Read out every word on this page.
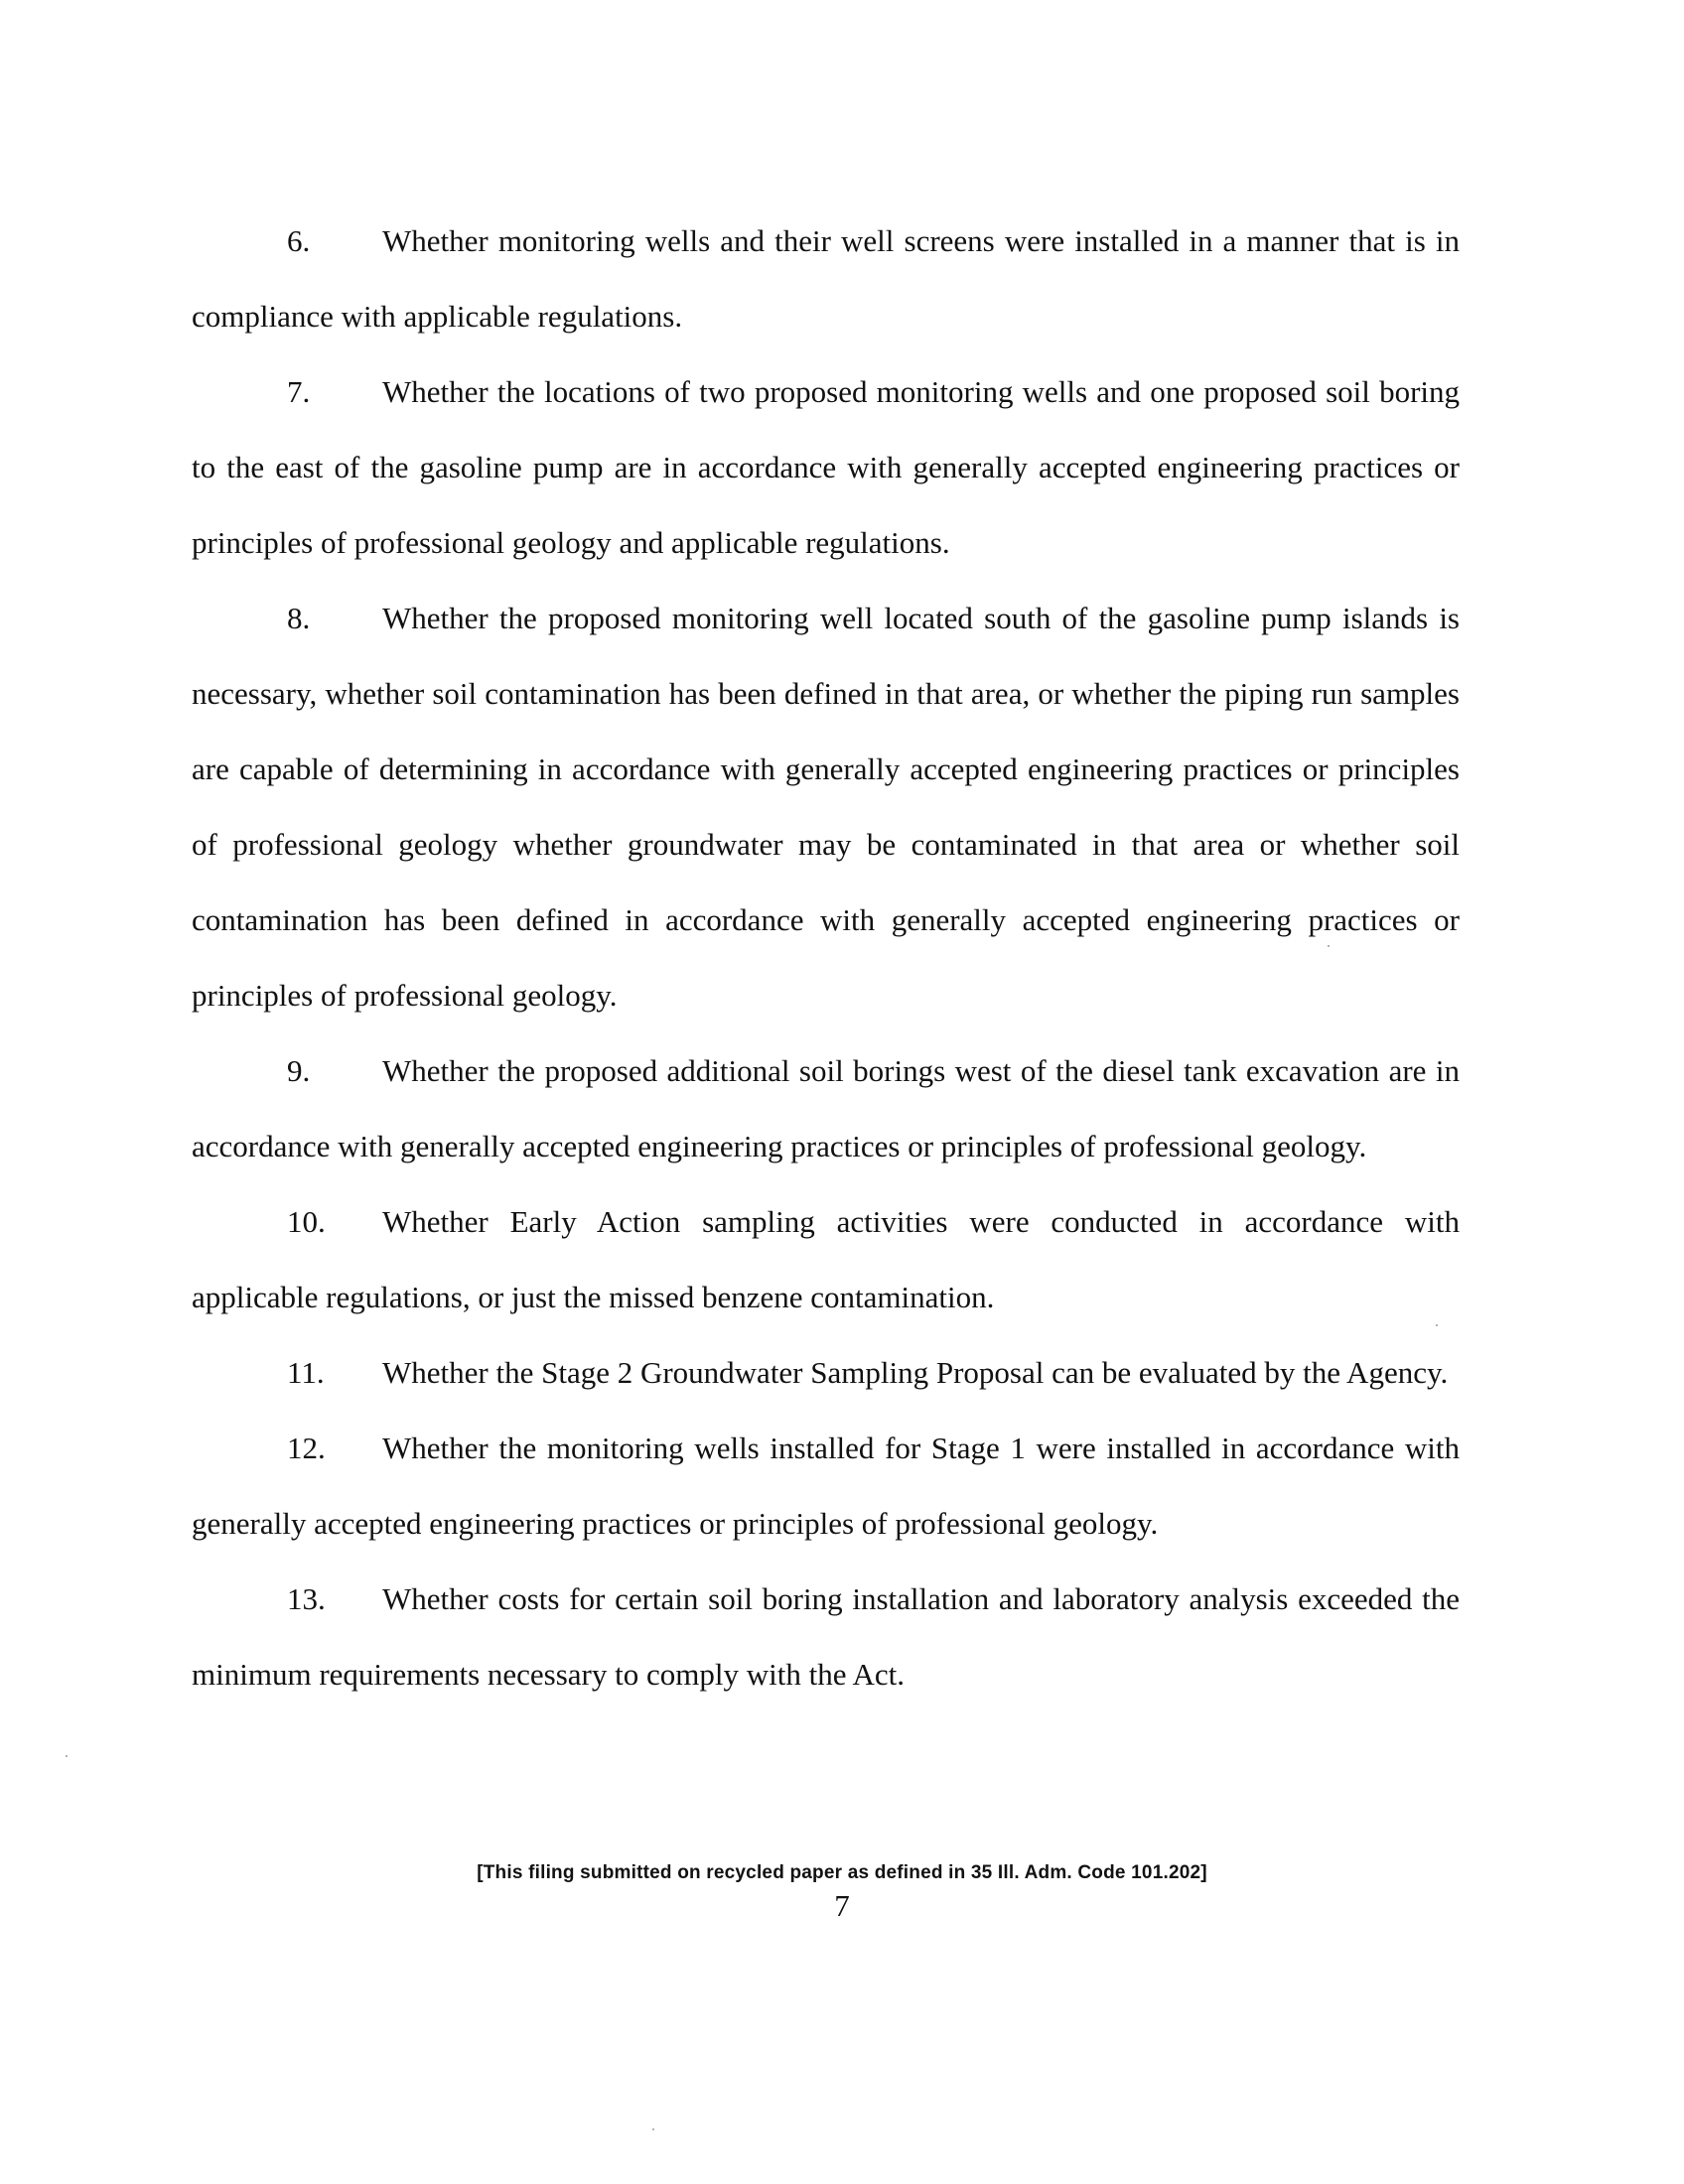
6. Whether monitoring wells and their well screens were installed in a manner that is in compliance with applicable regulations.

7. Whether the locations of two proposed monitoring wells and one proposed soil boring to the east of the gasoline pump are in accordance with generally accepted engineering practices or principles of professional geology and applicable regulations.

8. Whether the proposed monitoring well located south of the gasoline pump islands is necessary, whether soil contamination has been defined in that area, or whether the piping run samples are capable of determining in accordance with generally accepted engineering practices or principles of professional geology whether groundwater may be contaminated in that area or whether soil contamination has been defined in accordance with generally accepted engineering practices or principles of professional geology.

9. Whether the proposed additional soil borings west of the diesel tank excavation are in accordance with generally accepted engineering practices or principles of professional geology.

10. Whether Early Action sampling activities were conducted in accordance with applicable regulations, or just the missed benzene contamination.

11. Whether the Stage 2 Groundwater Sampling Proposal can be evaluated by the Agency.

12. Whether the monitoring wells installed for Stage 1 were installed in accordance with generally accepted engineering practices or principles of professional geology.

13. Whether costs for certain soil boring installation and laboratory analysis exceeded the minimum requirements necessary to comply with the Act.

[This filing submitted on recycled paper as defined in 35 Ill. Adm. Code 101.202]

7
